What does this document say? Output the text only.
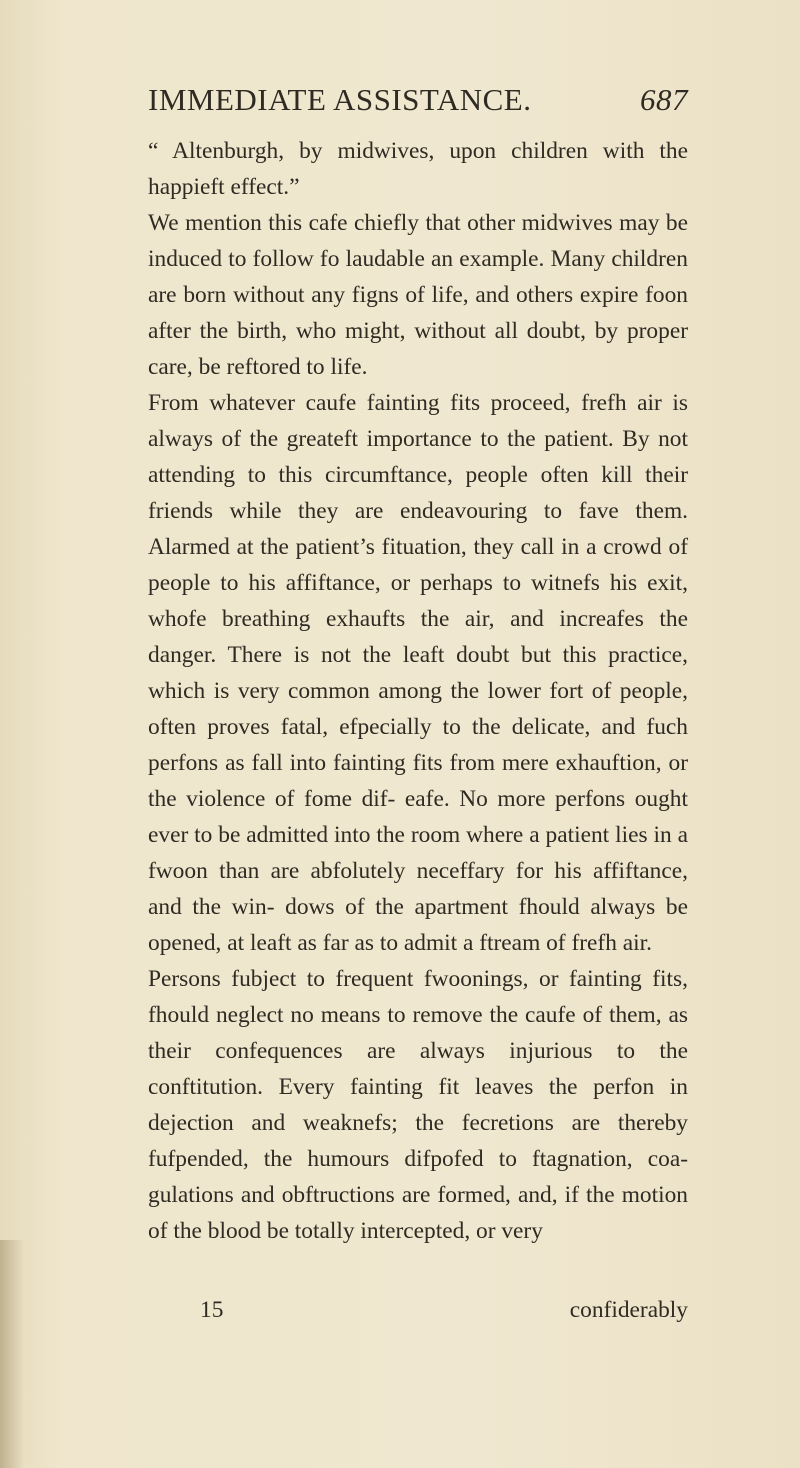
IMMEDIATE ASSISTANCE.	687

“ Altenburgh, by midwives, upon children with the happieft effect.”

We mention this cafe chiefly that other midwives may be induced to follow fo laudable an example. Many children are born without any figns of life, and others expire foon after the birth, who might, without all doubt, by proper care, be reftored to life.

From whatever caufe fainting fits proceed, frefh air is always of the greateft importance to the patient. By not attending to this circumftance, people often kill their friends while they are endeavouring to fave them. Alarmed at the patient’s fituation, they call in a crowd of people to his affiftance, or perhaps to witnefs his exit, whofe breathing exhaufts the air, and increafes the danger. There is not the leaft doubt but this practice, which is very common among the lower fort of people, often proves fatal, efpecially to the delicate, and fuch perfons as fall into fainting fits from mere exhauftion, or the violence of fome dif- eafe. No more perfons ought ever to be admitted into the room where a patient lies in a fwoon than are abfolutely neceffary for his affiftance, and the win- dows of the apartment fhould always be opened, at leaft as far as to admit a ftream of frefh air.

Persons fubject to frequent fwoonings, or fainting fits, fhould neglect no means to remove the caufe of them, as their confequences are always injurious to the conftitution. Every fainting fit leaves the perfon in dejection and weaknefs; the fecretions are thereby fufpended, the humours difpofed to ftagnation, coa- gulations and obftructions are formed, and, if the motion of the blood be totally intercepted, or very

15	confiderably
